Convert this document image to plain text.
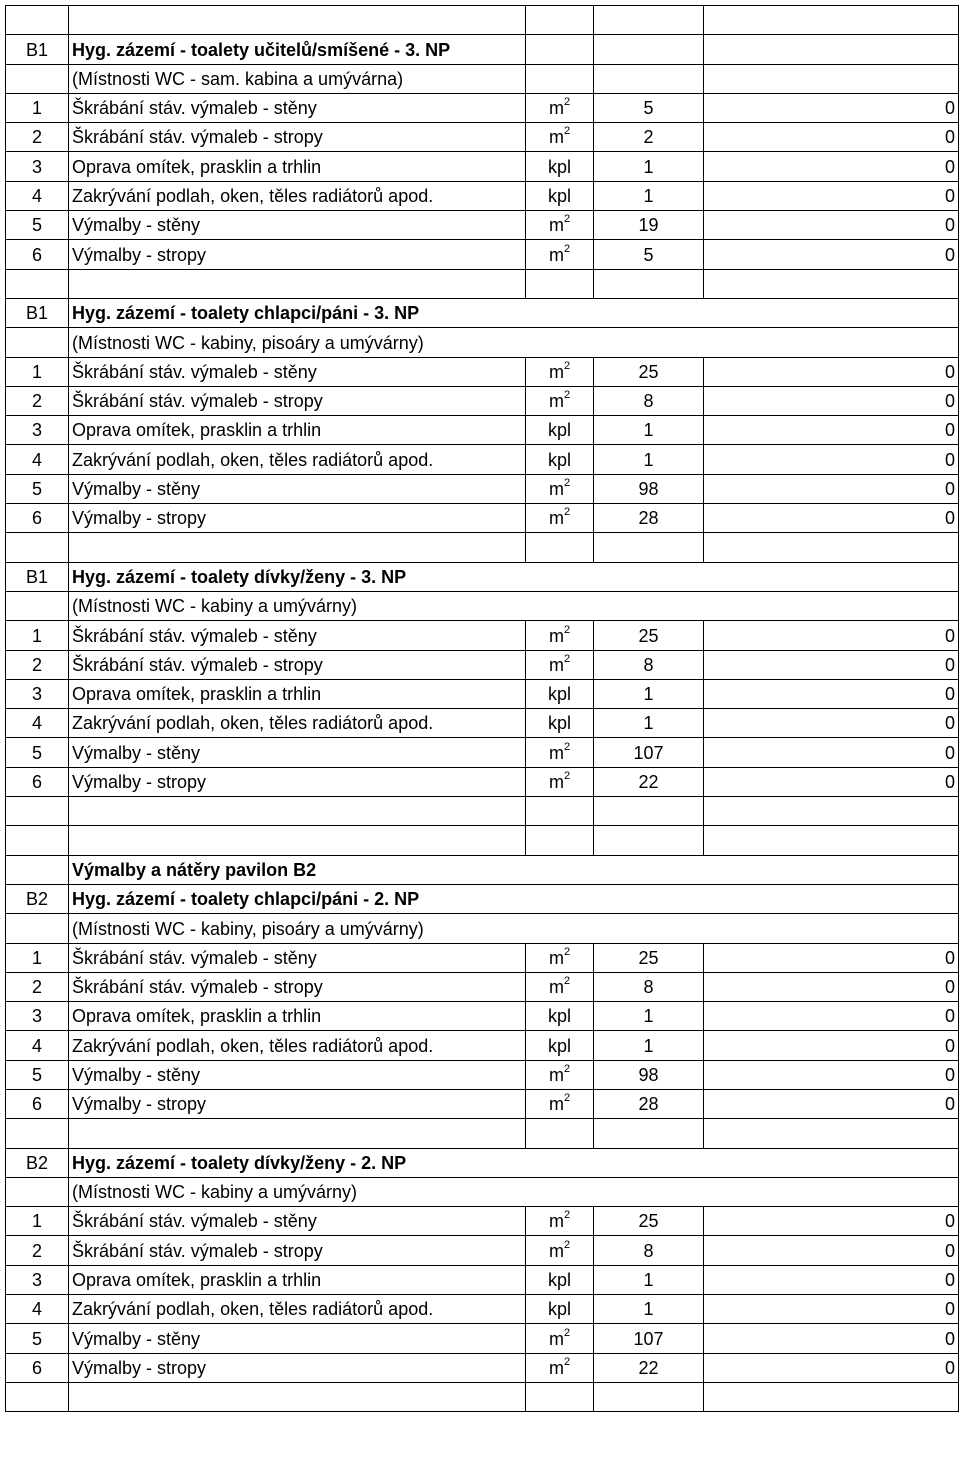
B1	Hyg. zázemí - toalety učitelů/smíšené - 3. NP			
	(Místnosti WC - sam. kabina a umývárna)			
1	Škrábání stáv. výmaleb - stěny	$m^2$	5	0
2	Škrábání stáv. výmaleb - stropy	$m^2$	2	0
3	Oprava omítek, prasklin a trhlin	kpl	1	0
4	Zakrývání podlah, oken, těles radiátorů apod.	kpl	1	0
5	Výmalby - stěny	$m^2$	19	0
6	Výmalby - stropy	$m^2$	5	0

B1	Hyg. zázemí - toalety chlapci/páni - 3. NP			
	(Místnosti WC - kabiny, pisoáry a umývárny)			
1	Škrábání stáv. výmaleb - stěny	$m^2$	25	0
2	Škrábání stáv. výmaleb - stropy	$m^2$	8	0
3	Oprava omítek, prasklin a trhlin	kpl	1	0
4	Zakrývání podlah, oken, těles radiátorů apod.	kpl	1	0
5	Výmalby - stěny	$m^2$	98	0
6	Výmalby - stropy	$m^2$	28	0

B1	Hyg. zázemí - toalety dívky/ženy - 3. NP			
	(Místnosti WC - kabiny a umývárny)			
1	Škrábání stáv. výmaleb - stěny	$m^2$	25	0
2	Škrábání stáv. výmaleb - stropy	$m^2$	8	0
3	Oprava omítek, prasklin a trhlin	kpl	1	0
4	Zakrývání podlah, oken, těles radiátorů apod.	kpl	1	0
5	Výmalby - stěny	$m^2$	107	0
6	Výmalby - stropy	$m^2$	22	0

	Výmalby a nátěry pavilon B2			
B2	Hyg. zázemí - toalety chlapci/páni - 2. NP			
	(Místnosti WC - kabiny, pisoáry a umývárny)			
1	Škrábání stáv. výmaleb - stěny	$m^2$	25	0
2	Škrábání stáv. výmaleb - stropy	$m^2$	8	0
3	Oprava omítek, prasklin a trhlin	kpl	1	0
4	Zakrývání podlah, oken, těles radiátorů apod.	kpl	1	0
5	Výmalby - stěny	$m^2$	98	0
6	Výmalby - stropy	$m^2$	28	0

B2	Hyg. zázemí - toalety dívky/ženy - 2. NP			
	(Místnosti WC - kabiny a umývárny)			
1	Škrábání stáv. výmaleb - stěny	$m^2$	25	0
2	Škrábání stáv. výmaleb - stropy	$m^2$	8	0
3	Oprava omítek, prasklin a trhlin	kpl	1	0
4	Zakrývání podlah, oken, těles radiátorů apod.	kpl	1	0
5	Výmalby - stěny	$m^2$	107	0
6	Výmalby - stropy	$m^2$	22	0
